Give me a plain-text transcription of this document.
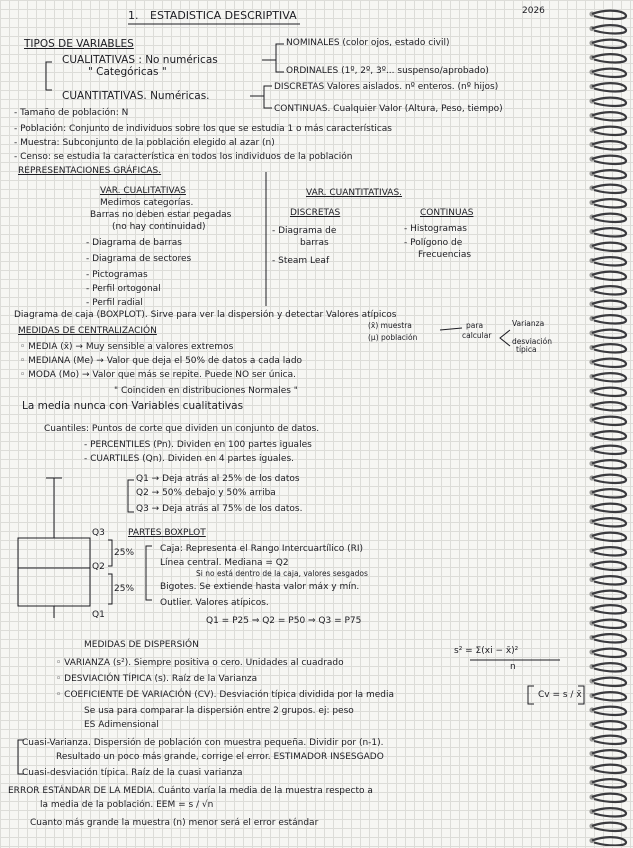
1. ESTADISTICA DESCRIPTIVA	2026
TIPOS DE VARIABLES
CUALITATIVAS : No numéricas
" Categóricas "
NOMINALES (color ojos, estado civil)
ORDINALES (1º, 2º, 3º... suspenso/aprobado)
CUANTITATIVAS. Numéricas.
DISCRETAS Valores aislados. nº enteros. (nº hijos)
CONTINUAS. Cualquier Valor (Altura, Peso, tiempo)
- Tamaño de población: N
- Población: Conjunto de individuos sobre los que se estudia 1 o más características
- Muestra: Subconjunto de la población elegido al azar (n)
- Censo: se estudia la característica en todos los individuos de la población
REPRESENTACIONES GRÁFICAS.
VAR. CUALITATIVAS
Medimos categorías.
Barras no deben estar pegadas
(no hay continuidad)
- Diagrama de barras
- Diagrama de sectores
- Pictogramas
- Perfil ortogonal
- Perfil radial
VAR. CUANTITATIVAS.
DISCRETAS	CONTINUAS
- Diagrama de
barras
- Steam Leaf
- Histogramas
- Polígono de
Frecuencias
Diagrama de caja (BOXPLOT). Sirve para ver la dispersión y detectar Valores atípicos
MEDIDAS DE CENTRALIZACIÓN
(x̄) muestra
(μ) población
para
calcular
Varianza
desviación
típica
◦ MEDIA (x̄) → Muy sensible a valores extremos
◦ MEDIANA (Me) → Valor que deja el 50% de datos a cada lado
◦ MODA (Mo) → Valor que más se repite. Puede NO ser única.
" Coinciden en distribuciones Normales "
La media nunca con Variables cualitativas
Cuantiles: Puntos de corte que dividen un conjunto de datos.
- PERCENTILES (Pn). Dividen en 100 partes iguales
- CUARTILES (Qn). Dividen en 4 partes iguales.
Q1 → Deja atrás al 25% de los datos
Q2 → 50% debajo y 50% arriba
Q3 → Deja atrás al 75% de los datos.
Q3
Q2
Q1
25%
25%
PARTES BOXPLOT
Caja: Representa el Rango Intercuartílico (RI)
Línea central. Mediana = Q2
Si no está dentro de la caja, valores sesgados
Bigotes. Se extiende hasta valor máx y mín.
Outlier. Valores atípicos.
Q1 = P25 ⇒ Q2 = P50 ⇒ Q3 = P75
MEDIDAS DE DISPERSIÓN
s² = Σ(xi − x̄)²
n
◦ VARIANZA (s²). Siempre positiva o cero. Unidades al cuadrado
◦ DESVIACIÓN TÍPICA (s). Raíz de la Varianza
◦ COEFICIENTE DE VARIACIÓN (CV). Desviación típica dividida por la media	Cv = s / x̄
Se usa para comparar la dispersión entre 2 grupos. ej: peso
ES Adimensional
Cuasi-Varianza. Dispersión de población con muestra pequeña. Dividir por (n-1).
Resultado un poco más grande, corrige el error. ESTIMADOR INSESGADO
Cuasi-desviación típica. Raíz de la cuasi varianza
ERROR ESTÁNDAR DE LA MEDIA. Cuánto varía la media de la muestra respecto a
la media de la población. EEM = s / √n
Cuanto más grande la muestra (n) menor será el error estándar
